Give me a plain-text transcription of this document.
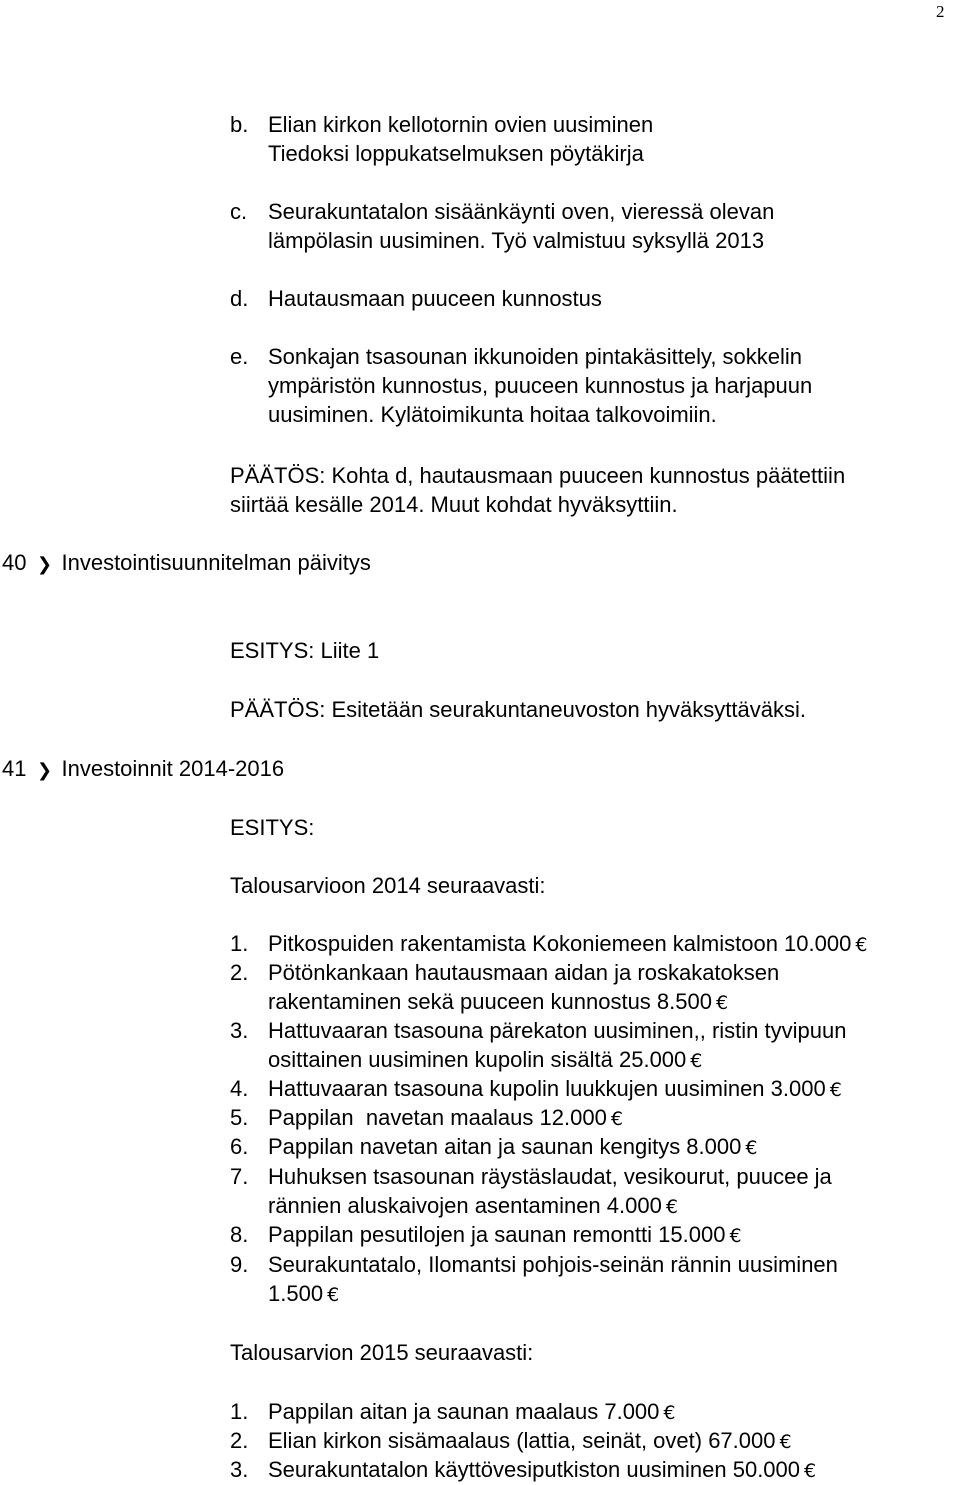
2
b. Elian kirkon kellotornin ovien uusiminen
Tiedoksi loppukatselmuksen pöytäkirja
c. Seurakuntatalon sisäänkäynti oven, vieressä olevan
lämpölasin uusiminen. Työ valmistuu syksyllä 2013
d. Hautausmaan puuceen kunnostus
e. Sonkajan tsasounan ikkunoiden pintakäsittely, sokkelin
ympäristön kunnostus, puuceen kunnostus ja harjapuun
uusiminen. Kylätoimikunta hoitaa talkovoimiin.
PÄÄTÖS: Kohta d, hautausmaan puuceen kunnostus päätettiin
siirtää kesälle 2014. Muut kohdat hyväksyttiin.
40 ❯ Investointisuunnitelman päivitys
ESITYS: Liite 1
PÄÄTÖS: Esitetään seurakuntaneuvoston hyväksyttäväksi.
41 ❯ Investoinnit 2014-2016
ESITYS:
Talousarvioon 2014 seuraavasti:
1. Pitkospuiden rakentamista Kokoniemeen kalmistoon 10.000 €
2. Pötönkankaan hautausmaan aidan ja roskakatoksen
rakentaminen sekä puuceen kunnostus 8.500 €
3. Hattuvaaran tsasouna pärekaton uusiminen,, ristin tyvipuun
osittainen uusiminen kupolin sisältä 25.000 €
4. Hattuvaaran tsasouna kupolin luukkujen uusiminen 3.000 €
5. Pappilan  navetan maalaus 12.000 €
6. Pappilan navetan aitan ja saunan kengitys 8.000 €
7. Huhuksen tsasounan räystäslaudat, vesikourut, puucee ja
rännien aluskaivojen asentaminen 4.000 €
8. Pappilan pesutilojen ja saunan remontti 15.000 €
9. Seurakuntatalo, Ilomantsi pohjois-seinän rännin uusiminen
1.500 €
Talousarvion 2015 seuraavasti:
1. Pappilan aitan ja saunan maalaus 7.000 €
2. Elian kirkon sisämaalaus (lattia, seinät, ovet) 67.000 €
3. Seurakuntatalon käyttövesiputkiston uusiminen 50.000 €
